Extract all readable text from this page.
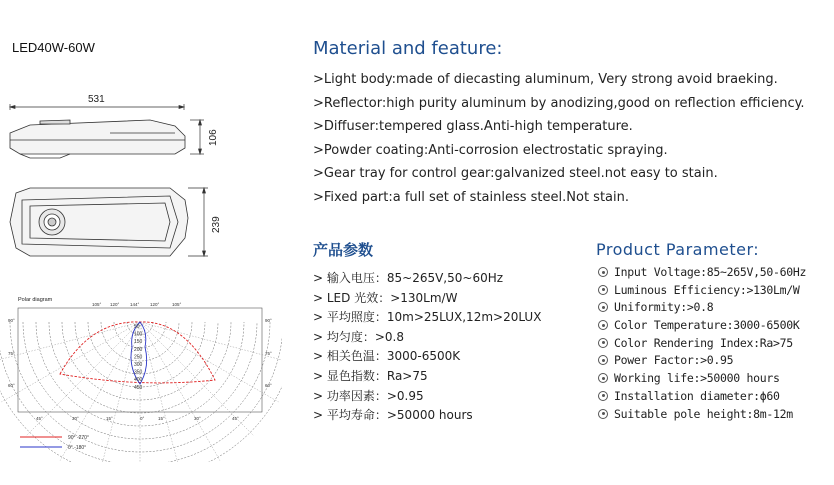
LED40W-60W
531
106
239
Polar diagram
50
100
150
200
250
300
350
400
450
105° 120° 144° 120°	105°
90°
75°
60°
90°
75°
60°
45°	30°	15°	0°	15°	30°	45°
90° -270°
0° -180°
Material and feature:
>Light body:made of diecasting aluminum, Very strong avoid braeking.
>Reflector:high purity aluminum by anodizing,good on reflection efficiency.
>Diffuser:tempered glass.Anti-high temperature.
>Powder coating:Anti-corrosion electrostatic spraying.
>Gear tray for control gear:galvanized steel.not easy to stain.
>Fixed part:a full set of stainless steel.Not stain.
产品参数
> 输入电压：85~265V,50~60Hz
> LED 光效：>130Lm/W
> 平均照度：10m>25LUX,12m>20LUX
> 均匀度：>0.8
> 相关色温：3000-6500K
> 显色指数：Ra>75
> 功率因素：>0.95
> 平均寿命：>50000 hours
Product Parameter:
Input Voltage:85~265V,50-60Hz
Luminous Efficiency:>130Lm/W
Uniformity:>0.8
Color Temperature:3000-6500K
Color Rendering Index:Ra>75
Power Factor:>0.95
Working life:>50000 hours
Installation diameter:ϕ60
Suitable pole height:8m-12m
